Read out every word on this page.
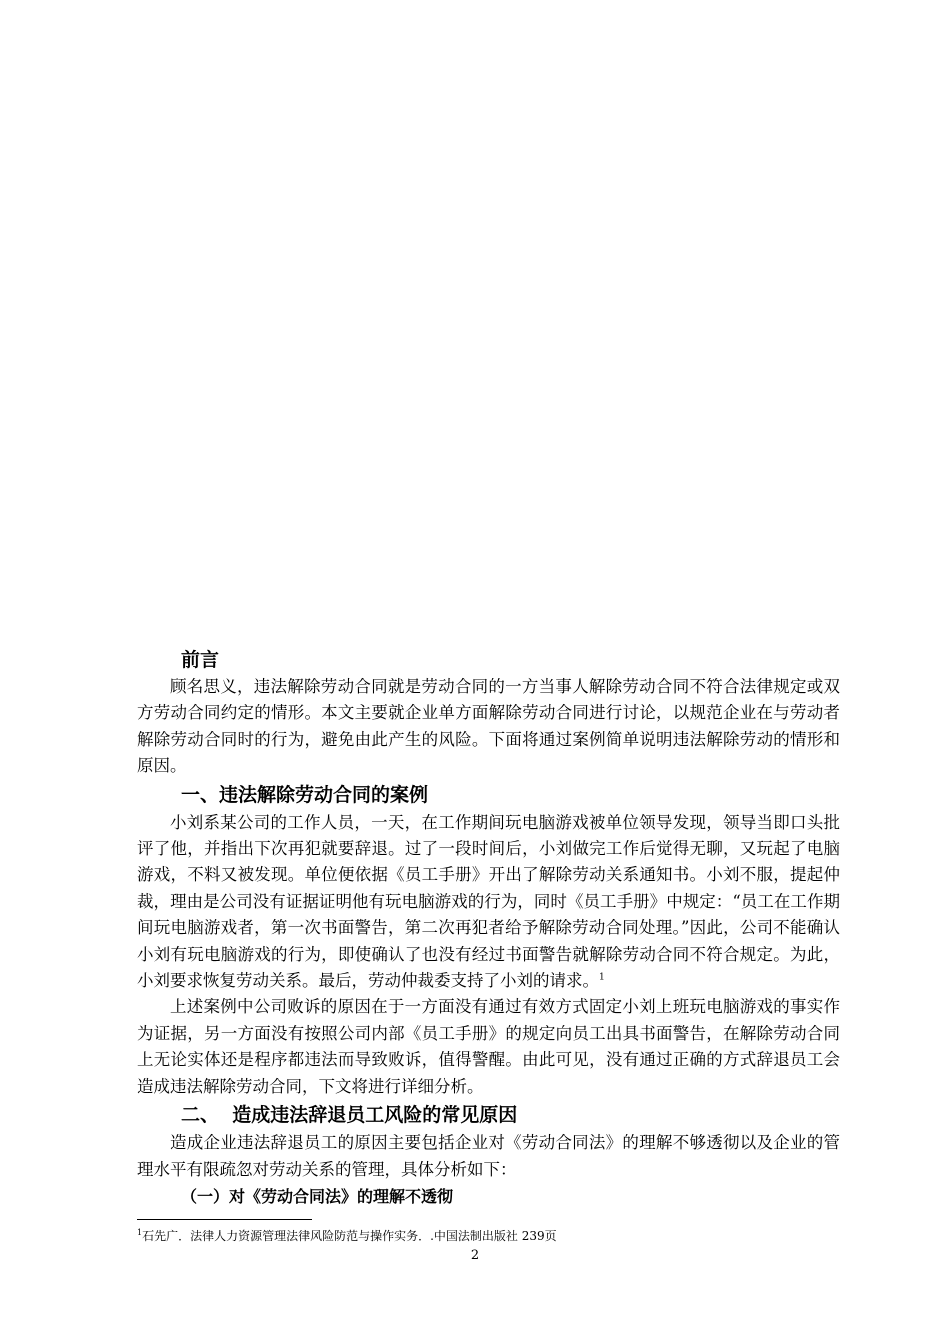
前言

顾名思义，违法解除劳动合同就是劳动合同的一方当事人解除劳动合同不符合法律规定或双方劳动合同约定的情形。本文主要就企业单方面解除劳动合同进行讨论，以规范企业在与劳动者解除劳动合同时的行为，避免由此产生的风险。下面将通过案例简单说明违法解除劳动的情形和原因。

一、违法解除劳动合同的案例

小刘系某公司的工作人员，一天，在工作期间玩电脑游戏被单位领导发现，领导当即口头批评了他，并指出下次再犯就要辞退。过了一段时间后，小刘做完工作后觉得无聊，又玩起了电脑游戏，不料又被发现。单位便依据《员工手册》开出了解除劳动关系通知书。小刘不服，提起仲裁，理由是公司没有证据证明他有玩电脑游戏的行为，同时《员工手册》中规定：“员工在工作期间玩电脑游戏者，第一次书面警告，第二次再犯者给予解除劳动合同处理。”因此，公司不能确认小刘有玩电脑游戏的行为，即使确认了也没有经过书面警告就解除劳动合同不符合规定。为此，小刘要求恢复劳动关系。最后，劳动仲裁委支持了小刘的请求。$^1$

上述案例中公司败诉的原因在于一方面没有通过有效方式固定小刘上班玩电脑游戏的事实作为证据，另一方面没有按照公司内部《员工手册》的规定向员工出具书面警告，在解除劳动合同上无论实体还是程序都违法而导致败诉，值得警醒。由此可见，没有通过正确的方式辞退员工会造成违法解除劳动合同，下文将进行详细分析。

二、  造成违法辞退员工风险的常见原因

造成企业违法辞退员工的原因主要包括企业对《劳动合同法》的理解不够透彻以及企业的管理水平有限疏忽对劳动关系的管理，具体分析如下：

（一）对《劳动合同法》的理解不透彻
$^1$石先广．法律人力资源管理法律风险防范与操作实务．.中国法制出版社 239页
2
